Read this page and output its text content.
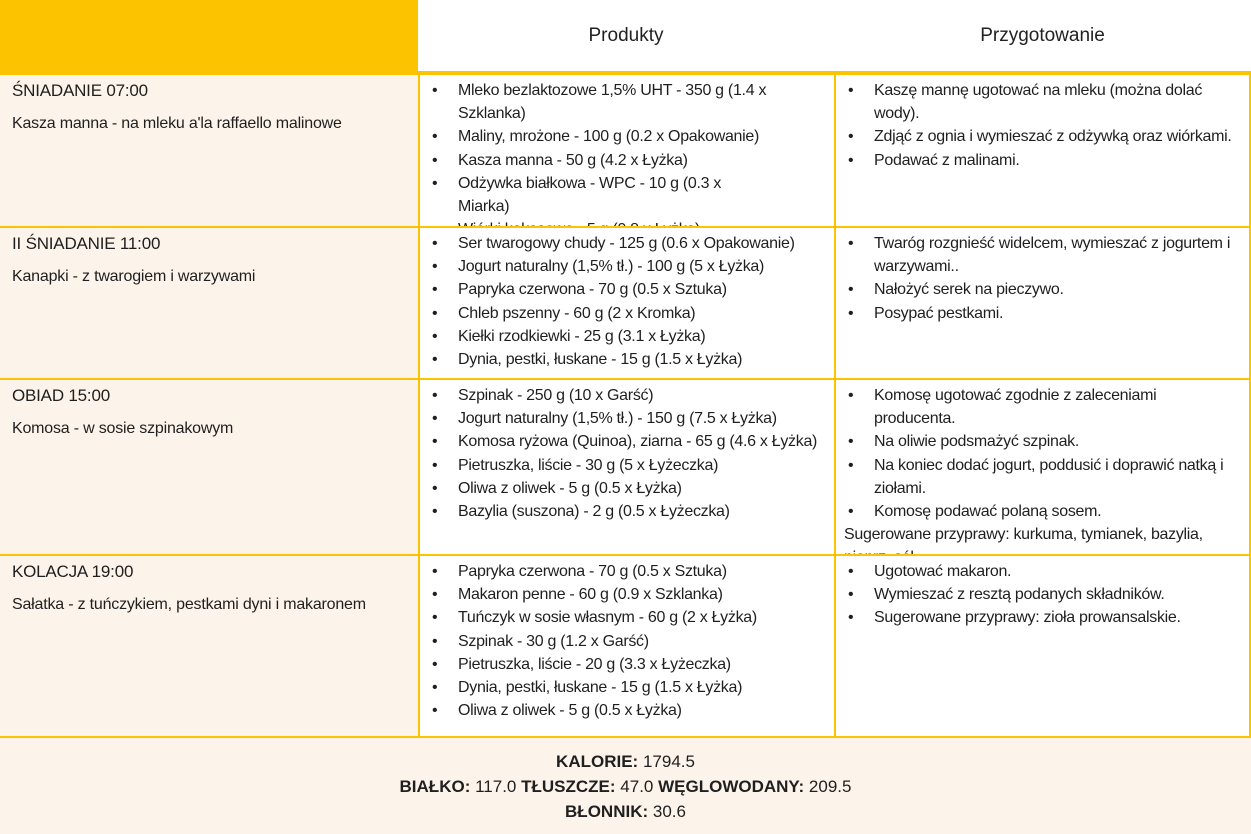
Produkty	Przygotowanie
ŚNIADANIE 07:00
Kasza manna - na mleku a'la raffaello malinowe
• Mleko bezlaktozowe 1,5% UHT - 350 g (1.4 x Szklanka)
• Maliny, mrożone - 100 g (0.2 x Opakowanie)
• Kasza manna - 50 g (4.2 x Łyżka)
• Odżywka białkowa - WPC - 10 g (0.3 x Miarka)
•
• Kaszę mannę ugotować na mleku (można dolać wody).
• Zdjąć z ognia i wymieszać z odżywką oraz wiórkami.
• Podawać z malinami.
II ŚNIADANIE 11:00
Kanapki - z twarogiem i warzywami
• Ser twarogowy chudy - 125 g (0.6 x Opakowanie)
• Jogurt naturalny (1,5% tł.) - 100 g (5 x Łyżka)
• Papryka czerwona - 70 g (0.5 x Sztuka)
• Chleb pszenny - 60 g (2 x Kromka)
• Kiełki rzodkiewki - 25 g (3.1 x Łyżka)
• Dynia, pestki, łuskane - 15 g (1.5 x Łyżka)
• Twaróg rozgnieść widelcem, wymieszać z jogurtem i warzywami..
• Nałożyć serek na pieczywo.
• Posypać pestkami.
OBIAD 15:00
Komosa - w sosie szpinakowym
• Szpinak - 250 g (10 x Garść)
• Jogurt naturalny (1,5% tł.) - 150 g (7.5 x Łyżka)
• Komosa ryżowa (Quinoa), ziarna - 65 g (4.6 x Łyżka)
• Pietruszka, liście - 30 g (5 x Łyżeczka)
• Oliwa z oliwek - 5 g (0.5 x Łyżka)
• Bazylia (suszona) - 2 g (0.5 x Łyżeczka)
• Komosę ugotować zgodnie z zaleceniami producenta.
• Na oliwie podsmażyć szpinak.
• Na koniec dodać jogurt, poddusić i doprawić natką i ziołami.
• Komosę podawać polaną sosem.
Sugerowane przyprawy: kurkuma, tymianek, bazylia,
KOLACJA 19:00
Sałatka - z tuńczykiem, pestkami dyni i makaronem
• Papryka czerwona - 70 g (0.5 x Sztuka)
• Makaron penne - 60 g (0.9 x Szklanka)
• Tuńczyk w sosie własnym - 60 g (2 x Łyżka)
• Szpinak - 30 g (1.2 x Garść)
• Pietruszka, liście - 20 g (3.3 x Łyżeczka)
• Dynia, pestki, łuskane - 15 g (1.5 x Łyżka)
• Oliwa z oliwek - 5 g (0.5 x Łyżka)
• Ugotować makaron.
• Wymieszać z resztą podanych składników.
• Sugerowane przyprawy: zioła prowansalskie.
KALORIE: 1794.5
BIAŁKO: 117.0 TŁUSZCZE: 47.0 WĘGLOWODANY: 209.5
BŁONNIK: 30.6
